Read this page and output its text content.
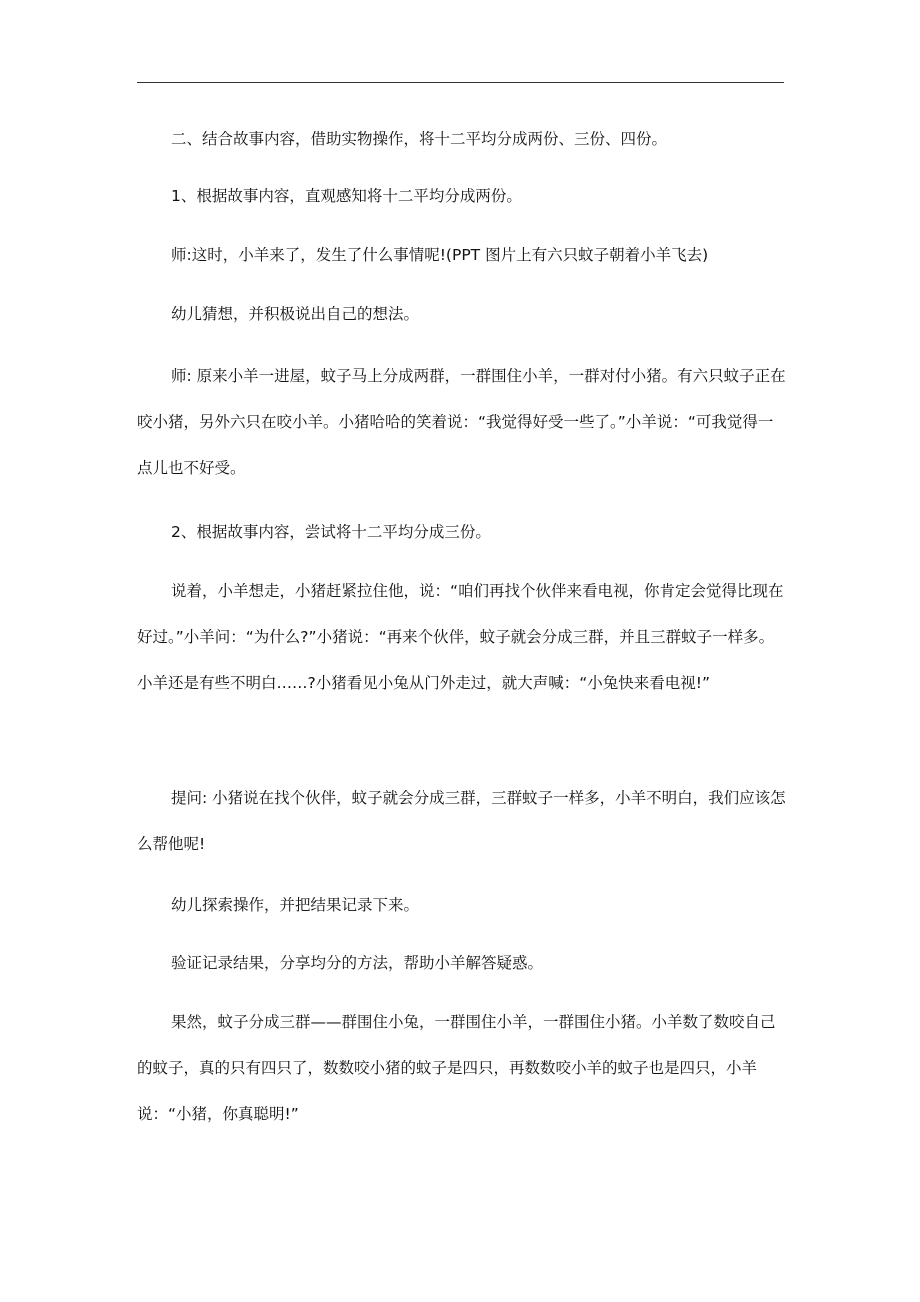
二、结合故事内容，借助实物操作，将十二平均分成两份、三份、四份。

1、根据故事内容，直观感知将十二平均分成两份。

师:这时，小羊来了，发生了什么事情呢!(PPT 图片上有六只蚊子朝着小羊飞去)

幼儿猜想，并积极说出自己的想法。

师: 原来小羊一进屋，蚊子马上分成两群，一群围住小羊，一群对付小猪。有六只蚊子正在咬小猪，另外六只在咬小羊。小猪哈哈的笑着说：“我觉得好受一些了。”小羊说：“可我觉得一点儿也不好受。

2、根据故事内容，尝试将十二平均分成三份。

说着，小羊想走，小猪赶紧拉住他，说：“咱们再找个伙伴来看电视，你肯定会觉得比现在好过。”小羊问：“为什么?”小猪说：“再来个伙伴，蚊子就会分成三群，并且三群蚊子一样多。小羊还是有些不明白……?小猪看见小兔从门外走过，就大声喊：“小兔快来看电视!”

提问: 小猪说在找个伙伴，蚊子就会分成三群，三群蚊子一样多，小羊不明白，我们应该怎么帮他呢!

幼儿探索操作，并把结果记录下来。

验证记录结果，分享均分的方法，帮助小羊解答疑惑。

果然，蚊子分成三群——群围住小兔，一群围住小羊，一群围住小猪。小羊数了数咬自己的蚊子，真的只有四只了，数数咬小猪的蚊子是四只，再数数咬小羊的蚊子也是四只，小羊说：“小猪，你真聪明!”
